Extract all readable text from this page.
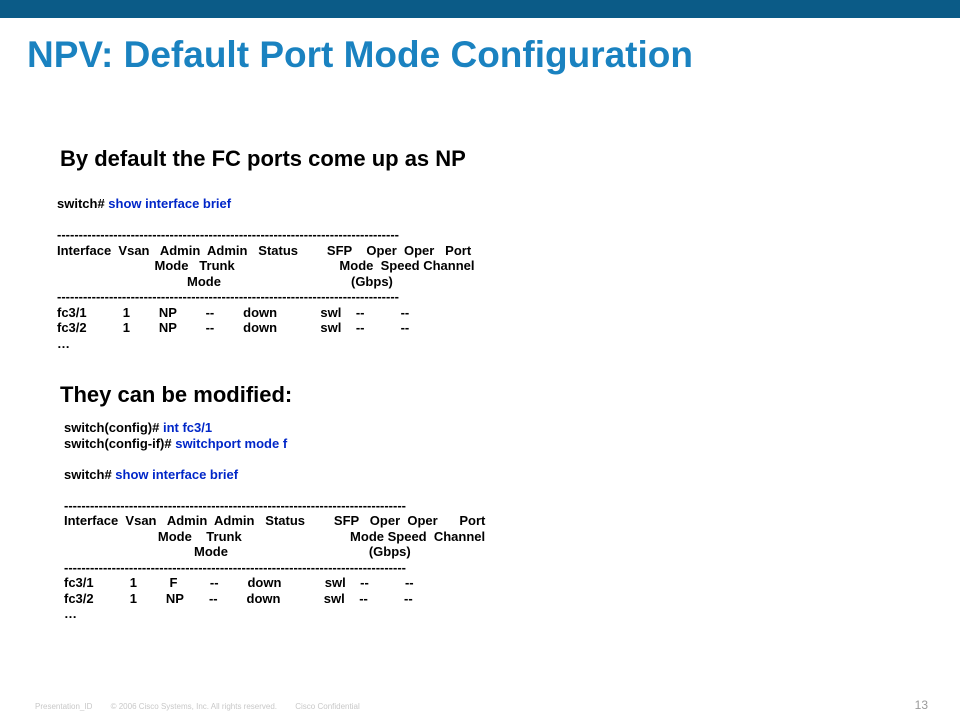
NPV: Default Port Mode Configuration
By default the FC ports come up as NP
switch# show interface brief
-------------------------------------------------------------------------------
Interface  Vsan   Admin  Admin   Status        SFP    Oper  Oper   Port
Mode   Trunk                             Mode  Speed Channel
Mode                                    (Gbps)
-------------------------------------------------------------------------------
fc3/1          1        NP        --        down            swl    --          --
fc3/2          1        NP        --        down            swl    --          --
…
They can be modified:
switch(config)# int fc3/1
switch(config-if)# switchport mode f
switch# show interface brief
-------------------------------------------------------------------------------
Interface  Vsan   Admin  Admin   Status        SFP   Oper  Oper      Port
Mode    Trunk                              Mode Speed  Channel
Mode                                       (Gbps)
-------------------------------------------------------------------------------
fc3/1          1         F         --        down            swl    --          --
fc3/2          1        NP       --        down            swl    --          --
…
Presentation_ID © 2006 Cisco Systems, Inc. All rights reserved. Cisco Confidential	13
